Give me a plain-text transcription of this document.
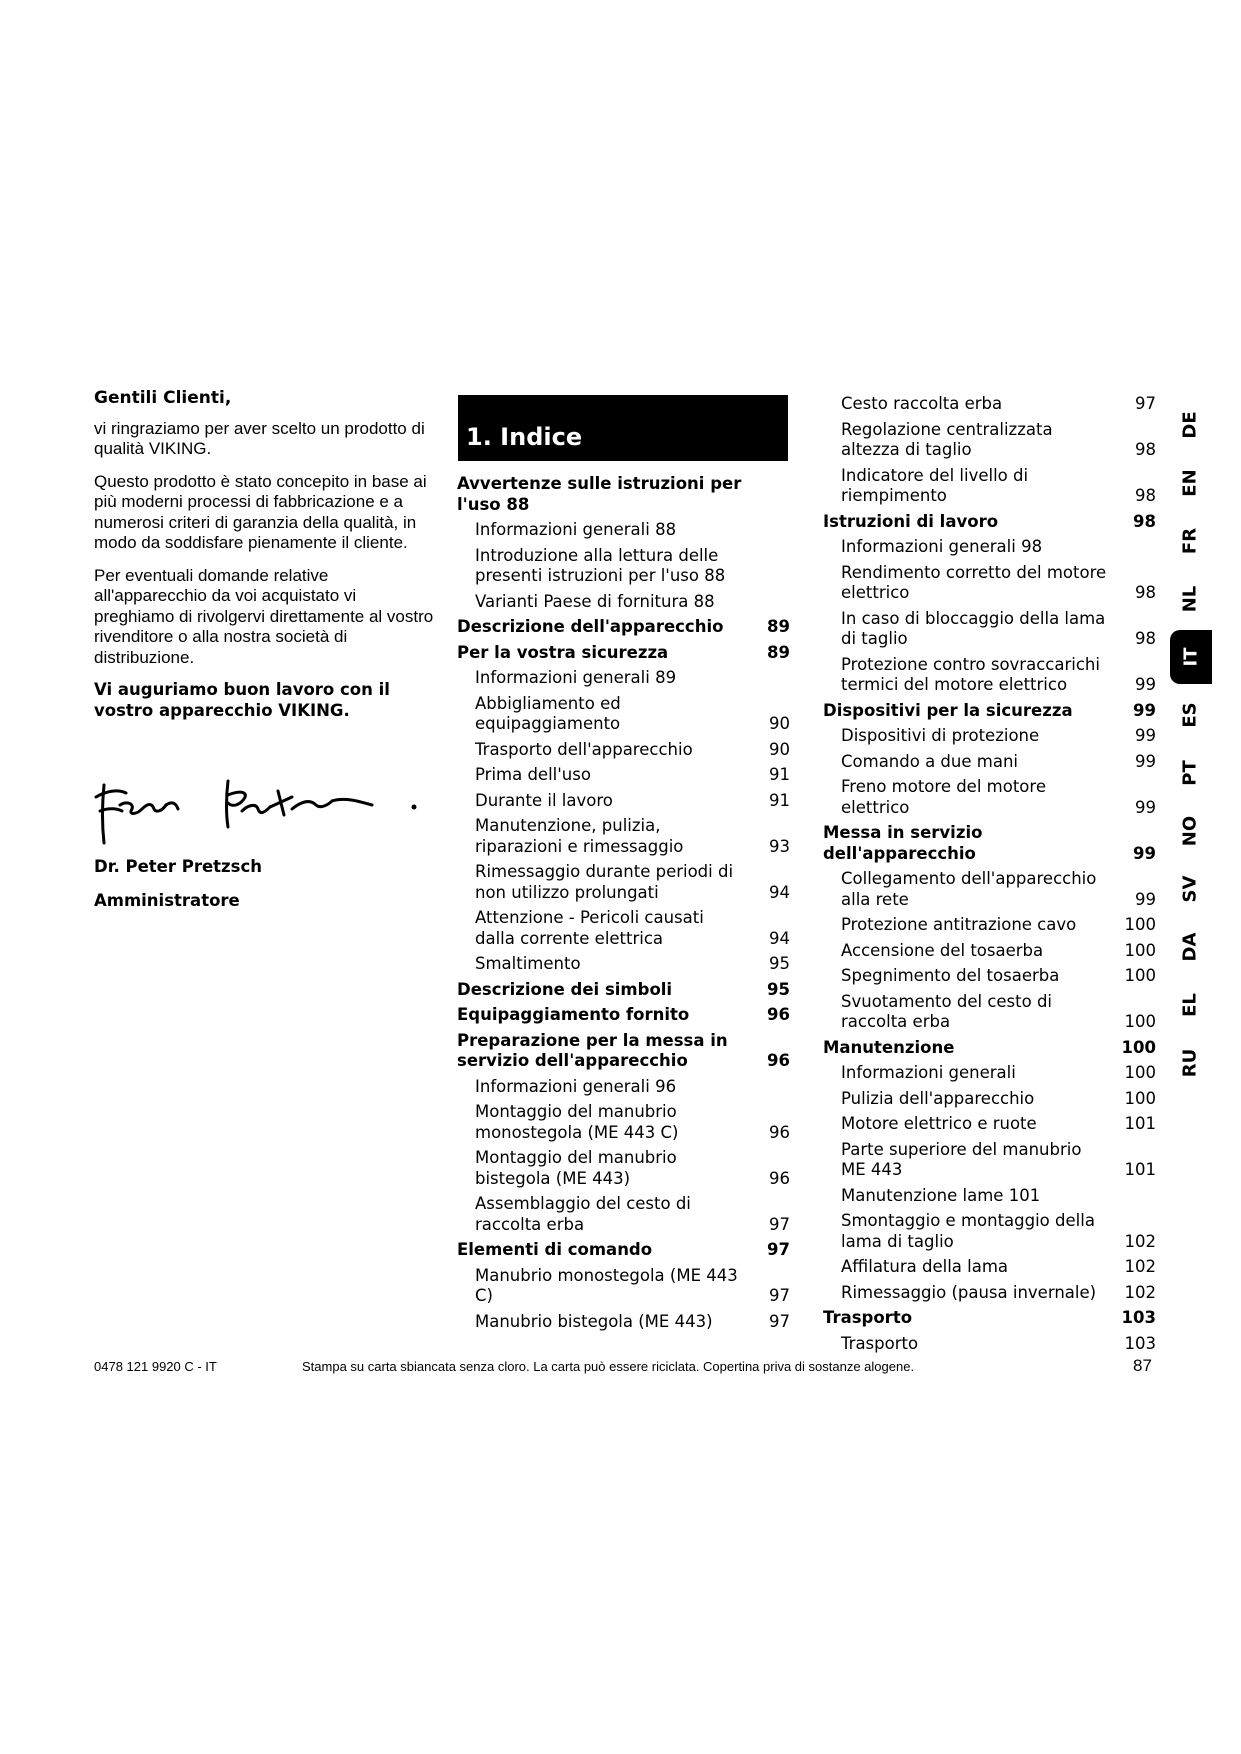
Gentili Clienti,

vi ringraziamo per aver scelto un prodotto di qualità VIKING.

Questo prodotto è stato concepito in base ai più moderni processi di fabbricazione e a numerosi criteri di garanzia della qualità, in modo da soddisfare pienamente il cliente.

Per eventuali domande relative all'apparecchio da voi acquistato vi preghiamo di rivolgervi direttamente al vostro rivenditore o alla nostra società di distribuzione.

Vi auguriamo buon lavoro con il vostro apparecchio VIKING.

Dr. Peter Pretzsch
Amministratore
1. Indice
Avvertenze sulle istruzioni per l'uso 88
Informazioni generali 88
Introduzione alla lettura delle presenti istruzioni per l'uso 88
Varianti Paese di fornitura 88
Descrizione dell'apparecchio	89
Per la vostra sicurezza	89
Informazioni generali 89
Abbigliamento ed equipaggiamento	90
Trasporto dell'apparecchio	90
Prima dell'uso	91
Durante il lavoro	91
Manutenzione, pulizia, riparazioni e rimessaggio	93
Rimessaggio durante periodi di non utilizzo prolungati	94
Attenzione - Pericoli causati dalla corrente elettrica	94
Smaltimento	95
Descrizione dei simboli	95
Equipaggiamento fornito	96
Preparazione per la messa in servizio dell'apparecchio	96
Informazioni generali 96
Montaggio del manubrio monostegola (ME 443 C)	96
Montaggio del manubrio bistegola (ME 443)	96
Assemblaggio del cesto di raccolta erba	97
Elementi di comando	97
Manubrio monostegola (ME 443 C)	97
Manubrio bistegola (ME 443)	97
Cesto raccolta erba	97
Regolazione centralizzata altezza di taglio	98
Indicatore del livello di riempimento	98
Istruzioni di lavoro	98
Informazioni generali 98
Rendimento corretto del motore elettrico	98
In caso di bloccaggio della lama di taglio	98
Protezione contro sovraccarichi termici del motore elettrico	99
Dispositivi per la sicurezza	99
Dispositivi di protezione	99
Comando a due mani	99
Freno motore del motore elettrico	99
Messa in servizio dell'apparecchio	99
Collegamento dell'apparecchio alla rete	99
Protezione antitrazione cavo	100
Accensione del tosaerba	100
Spegnimento del tosaerba	100
Svuotamento del cesto di raccolta erba	100
Manutenzione	100
Informazioni generali	100
Pulizia dell'apparecchio	100
Motore elettrico e ruote	101
Parte superiore del manubrio ME 443	101
Manutenzione lame 101
Smontaggio e montaggio della lama di taglio	102
Affilatura della lama	102
Rimessaggio (pausa invernale)	102
Trasporto	103
Trasporto	103
DE
EN
FR
NL
IT
ES
PT
NO
SV
DA
EL
RU
0478 121 9920 C - IT	Stampa su carta sbiancata senza cloro. La carta può essere riciclata. Copertina priva di sostanze alogene.	87
